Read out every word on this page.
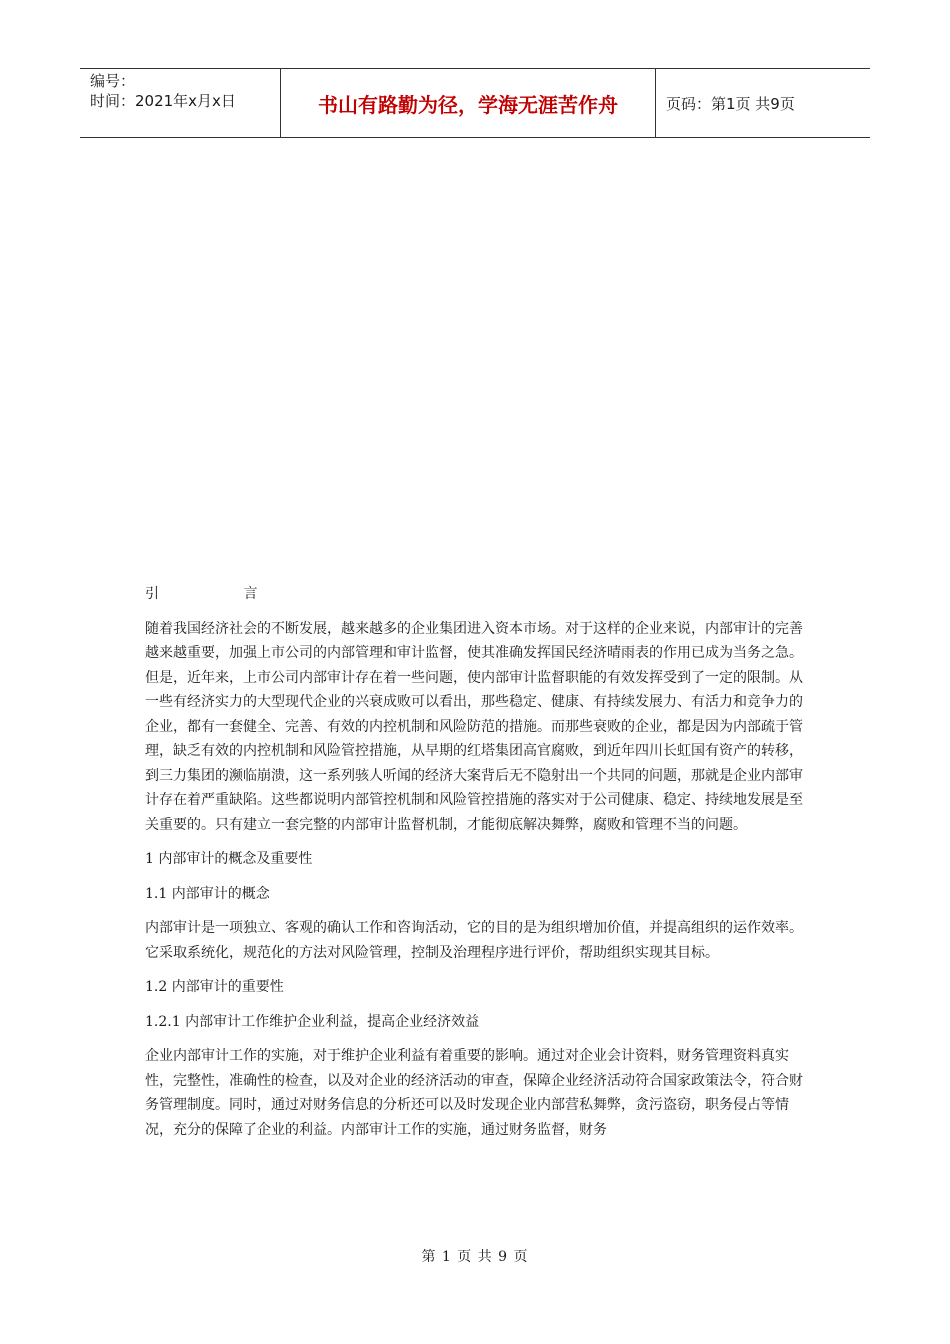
编号：
时间：2021年x月x日	书山有路勤为径，学海无涯苦作舟	页码：第1页 共9页

引 言

随着我国经济社会的不断发展，越来越多的企业集团进入资本市场。对于这样的企业来说，内部审计的完善越来越重要，加强上市公司的内部管理和审计监督，使其准确发挥国民经济晴雨表的作用已成为当务之急。但是，近年来，上市公司内部审计存在着一些问题，使内部审计监督职能的有效发挥受到了一定的限制。从一些有经济实力的大型现代企业的兴衰成败可以看出，那些稳定、健康、有持续发展力、有活力和竞争力的企业，都有一套健全、完善、有效的内控机制和风险防范的措施。而那些衰败的企业，都是因为内部疏于管理，缺乏有效的内控机制和风险管控措施，从早期的红塔集团高官腐败，到近年四川长虹国有资产的转移，到三力集团的濒临崩溃，这一系列骇人听闻的经济大案背后无不隐射出一个共同的问题，那就是企业内部审计存在着严重缺陷。这些都说明内部管控机制和风险管控措施的落实对于公司健康、稳定、持续地发展是至关重要的。只有建立一套完整的内部审计监督机制，才能彻底解决舞弊，腐败和管理不当的问题。

1 内部审计的概念及重要性

1.1 内部审计的概念

内部审计是一项独立、客观的确认工作和咨询活动，它的目的是为组织增加价值，并提高组织的运作效率。它采取系统化，规范化的方法对风险管理，控制及治理程序进行评价，帮助组织实现其目标。

1.2 内部审计的重要性

1.2.1 内部审计工作维护企业利益，提高企业经济效益

企业内部审计工作的实施，对于维护企业利益有着重要的影响。通过对企业会计资料，财务管理资料真实性，完整性，准确性的检查，以及对企业的经济活动的审查，保障企业经济活动符合国家政策法令，符合财务管理制度。同时，通过对财务信息的分析还可以及时发现企业内部营私舞弊，贪污盗窃，职务侵占等情况，充分的保障了企业的利益。内部审计工作的实施，通过财务监督，财务

第 1 页 共 9 页
